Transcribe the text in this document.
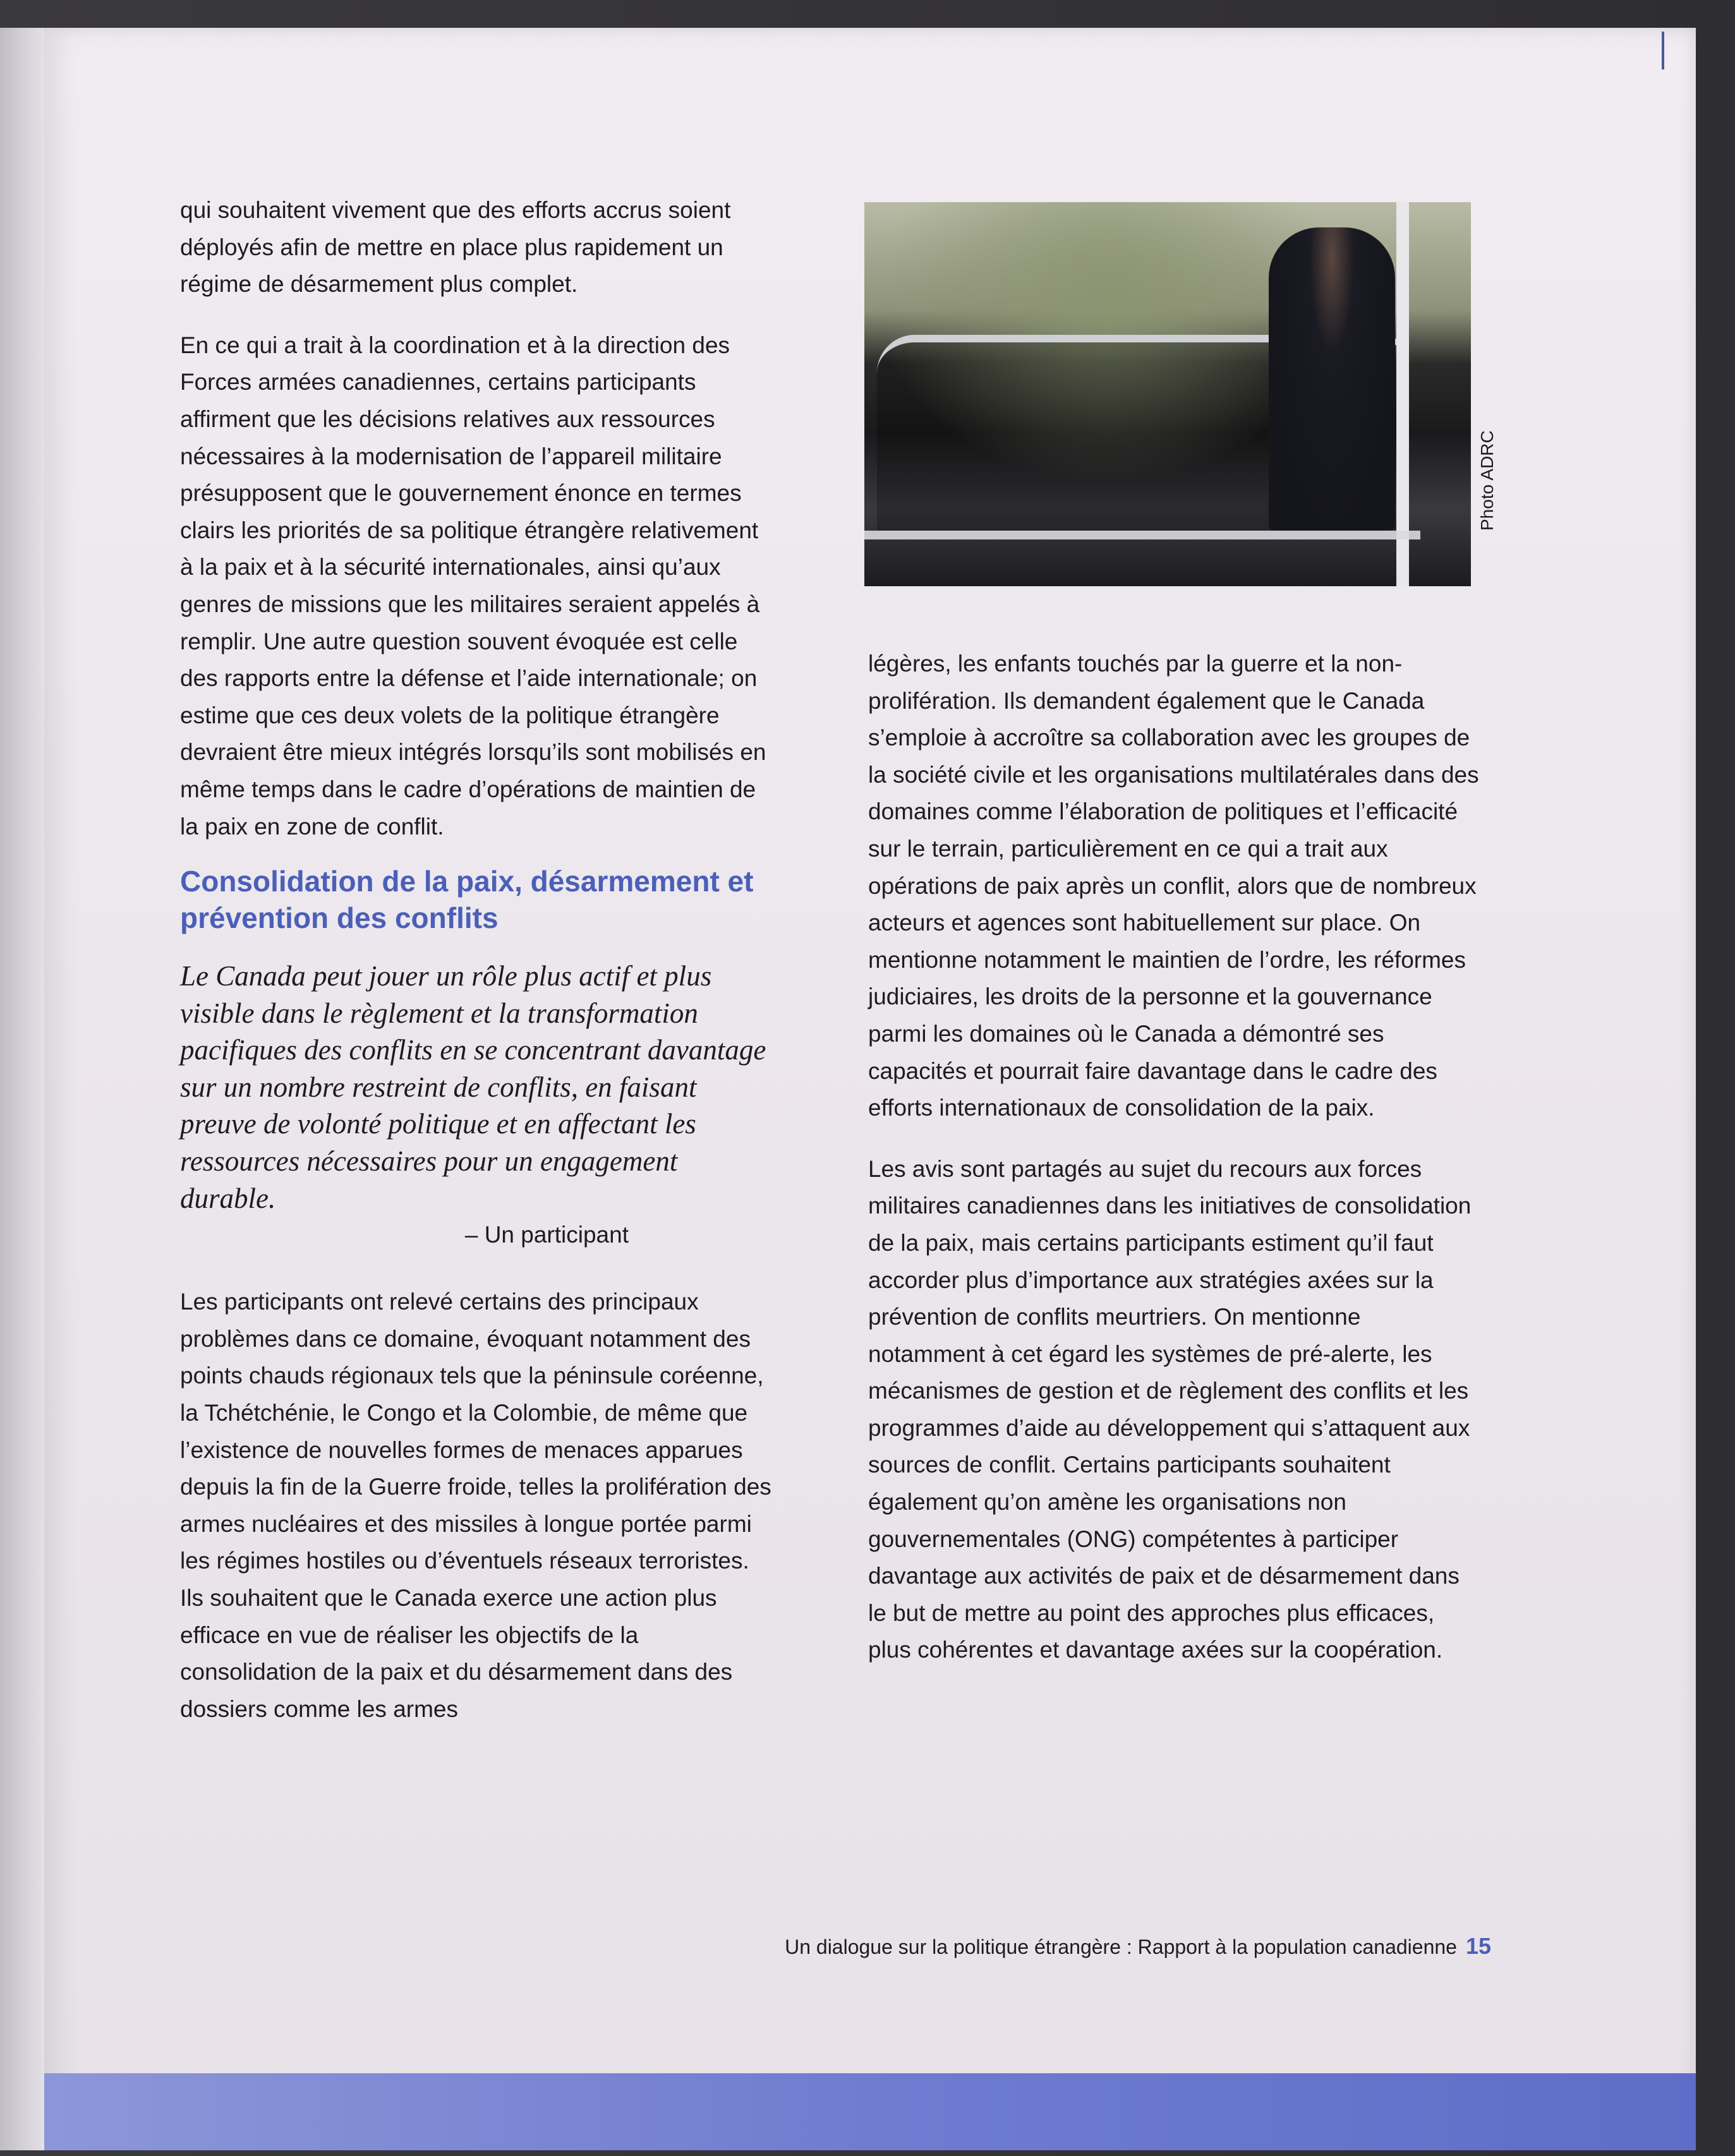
qui souhaitent vivement que des efforts accrus soient déployés afin de mettre en place plus rapidement un régime de désarmement plus complet.

En ce qui a trait à la coordination et à la direction des Forces armées canadiennes, certains participants affirment que les décisions relatives aux ressources nécessaires à la modernisation de l’appareil militaire présupposent que le gouvernement énonce en termes clairs les priorités de sa politique étrangère relativement à la paix et à la sécurité internationales, ainsi qu’aux genres de missions que les militaires seraient appelés à remplir. Une autre question souvent évoquée est celle des rapports entre la défense et l’aide internationale; on estime que ces deux volets de la politique étrangère devraient être mieux intégrés lorsqu’ils sont mobilisés en même temps dans le cadre d’opérations de maintien de la paix en zone de conflit.

Consolidation de la paix, désarmement et prévention des conflits

Le Canada peut jouer un rôle plus actif et plus visible dans le règlement et la transformation pacifiques des conflits en se concentrant davantage sur un nombre restreint de conflits, en faisant preuve de volonté politique et en affectant les ressources nécessaires pour un engagement durable.

– Un participant

Les participants ont relevé certains des principaux problèmes dans ce domaine, évoquant notamment des points chauds régionaux tels que la péninsule coréenne, la Tchétchénie, le Congo et la Colombie, de même que l’existence de nouvelles formes de menaces apparues depuis la fin de la Guerre froide, telles la prolifération des armes nucléaires et des missiles à longue portée parmi les régimes hostiles ou d’éventuels réseaux terroristes. Ils souhaitent que le Canada exerce une action plus efficace en vue de réaliser les objectifs de la consolidation de la paix et du désarmement dans des dossiers comme les armes

Photo ADRC

légères, les enfants touchés par la guerre et la non-prolifération. Ils demandent également que le Canada s’emploie à accroître sa collaboration avec les groupes de la société civile et les organisations multilatérales dans des domaines comme l’élaboration de politiques et l’efficacité sur le terrain, particulièrement en ce qui a trait aux opérations de paix après un conflit, alors que de nombreux acteurs et agences sont habituellement sur place. On mentionne notamment le maintien de l’ordre, les réformes judiciaires, les droits de la personne et la gouvernance parmi les domaines où le Canada a démontré ses capacités et pourrait faire davantage dans le cadre des efforts internationaux de consolidation de la paix.

Les avis sont partagés au sujet du recours aux forces militaires canadiennes dans les initiatives de consolidation de la paix, mais certains participants estiment qu’il faut accorder plus d’importance aux stratégies axées sur la prévention de conflits meurtriers. On mentionne notamment à cet égard les systèmes de pré-alerte, les mécanismes de gestion et de règlement des conflits et les programmes d’aide au développement qui s’attaquent aux sources de conflit. Certains participants souhaitent également qu’on amène les organisations non gouvernementales (ONG) compétentes à participer davantage aux activités de paix et de désarmement dans le but de mettre au point des approches plus efficaces, plus cohérentes et davantage axées sur la coopération.

Un dialogue sur la politique étrangère : Rapport à la population canadienne 15
